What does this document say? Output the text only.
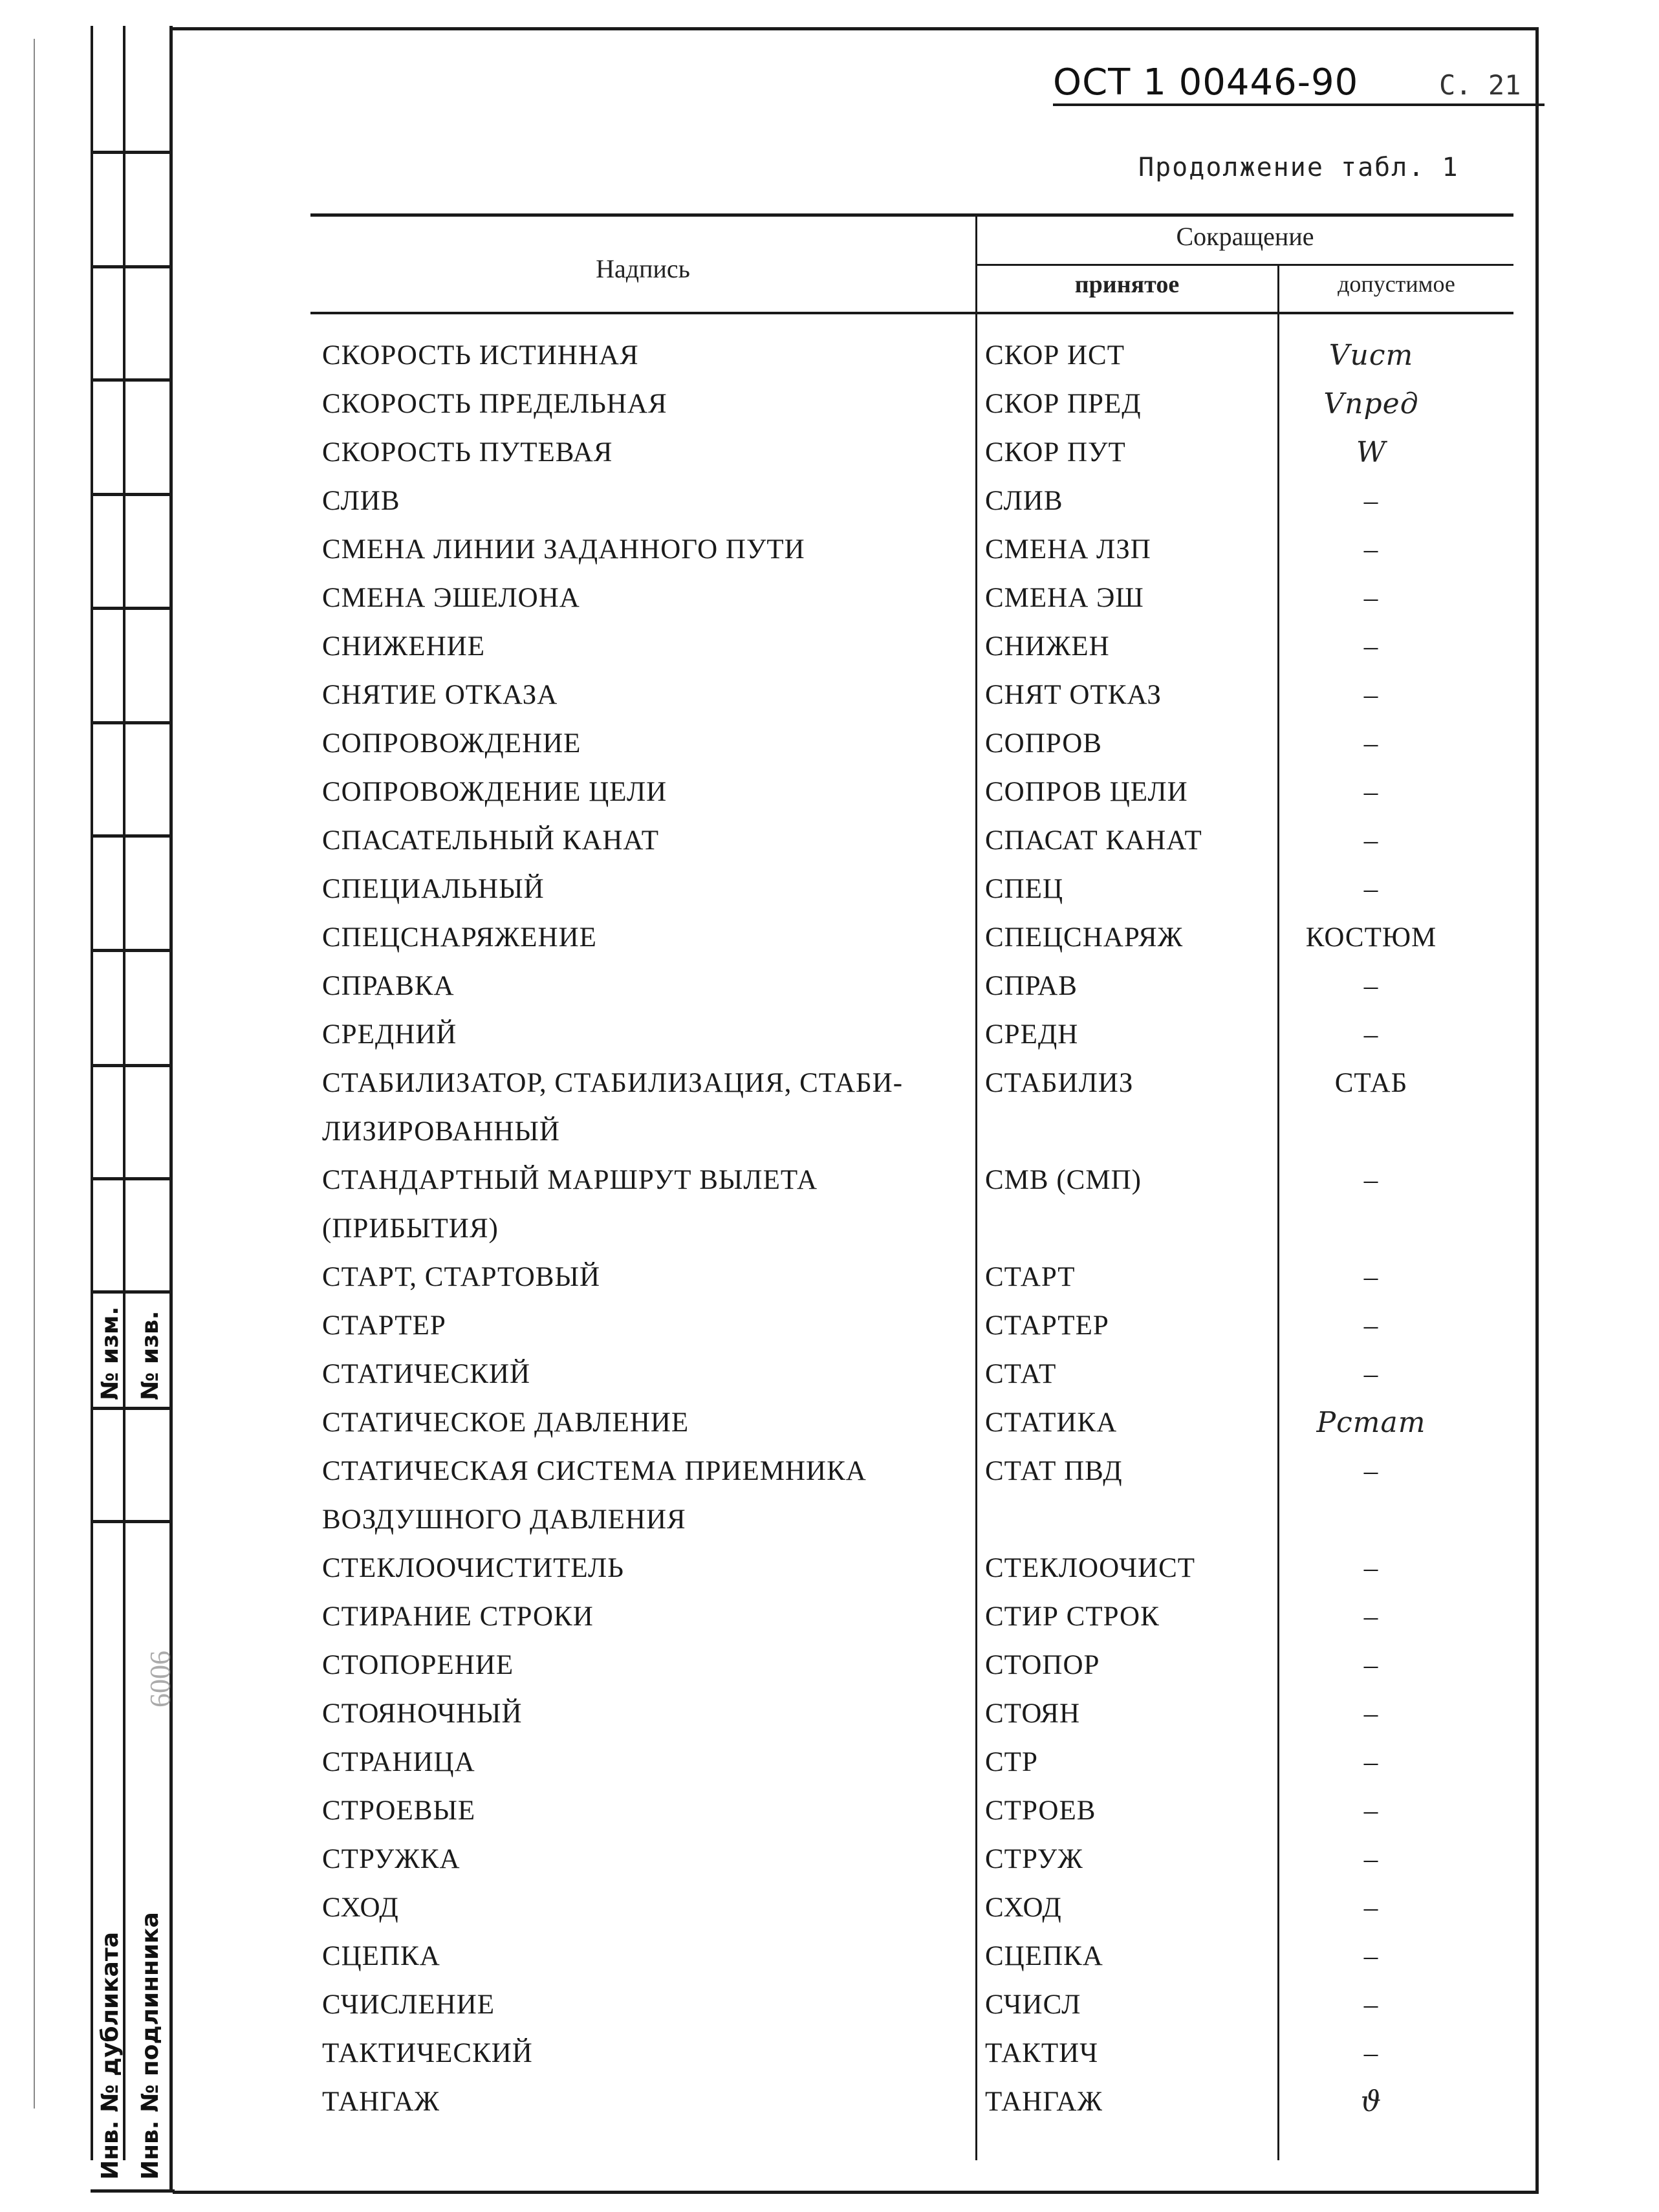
№ изм. № изв.
Инв. № дубликата Инв. № подлинника
6006
ОСТ 1 00446-90	С. 21
Продолжение табл. 1
Надпись
Сокращение
принятое	допустимое
СКОРОСТЬ ИСТИННАЯ	СКОР ИСТ	Vист
СКОРОСТЬ ПРЕДЕЛЬНАЯ	СКОР ПРЕД	Vпред
СКОРОСТЬ ПУТЕВАЯ	СКОР ПУТ	W
СЛИВ	СЛИВ	–
СМЕНА ЛИНИИ ЗАДАННОГО ПУТИ	СМЕНА ЛЗП	–
СМЕНА ЭШЕЛОНА	СМЕНА ЭШ	–
СНИЖЕНИЕ	СНИЖЕН	–
СНЯТИЕ ОТКАЗА	СНЯТ ОТКАЗ	–
СОПРОВОЖДЕНИЕ	СОПРОВ	–
СОПРОВОЖДЕНИЕ ЦЕЛИ	СОПРОВ ЦЕЛИ	–
СПАСАТЕЛЬНЫЙ КАНАТ	СПАСАТ КАНАТ	–
СПЕЦИАЛЬНЫЙ	СПЕЦ	–
СПЕЦСНАРЯЖЕНИЕ	СПЕЦСНАРЯЖ	КОСТЮМ
СПРАВКА	СПРАВ	–
СРЕДНИЙ	СРЕДН	–
СТАБИЛИЗАТОР, СТАБИЛИЗАЦИЯ, СТАБИ-	СТАБИЛИЗ	СТАБ
ЛИЗИРОВАННЫЙ
СТАНДАРТНЫЙ МАРШРУТ ВЫЛЕТА	СМВ (СМП)	–
(ПРИБЫТИЯ)
СТАРТ, СТАРТОВЫЙ	СТАРТ	–
СТАРТЕР	СТАРТЕР	–
СТАТИЧЕСКИЙ	СТАТ	–
СТАТИЧЕСКОЕ ДАВЛЕНИЕ	СТАТИКА	Pстат
СТАТИЧЕСКАЯ СИСТЕМА ПРИЕМНИКА	СТАТ ПВД	–
ВОЗДУШНОГО ДАВЛЕНИЯ
СТЕКЛООЧИСТИТЕЛЬ	СТЕКЛООЧИСТ	–
СТИРАНИЕ СТРОКИ	СТИР СТРОК	–
СТОПОРЕНИЕ	СТОПОР	–
СТОЯНОЧНЫЙ	СТОЯН	–
СТРАНИЦА	СТР	–
СТРОЕВЫЕ	СТРОЕВ	–
СТРУЖКА	СТРУЖ	–
СХОД	СХОД	–
СЦЕПКА	СЦЕПКА	–
СЧИСЛЕНИЕ	СЧИСЛ	–
ТАКТИЧЕСКИЙ	ТАКТИЧ	–
ТАНГАЖ	ТАНГАЖ	ϑ
